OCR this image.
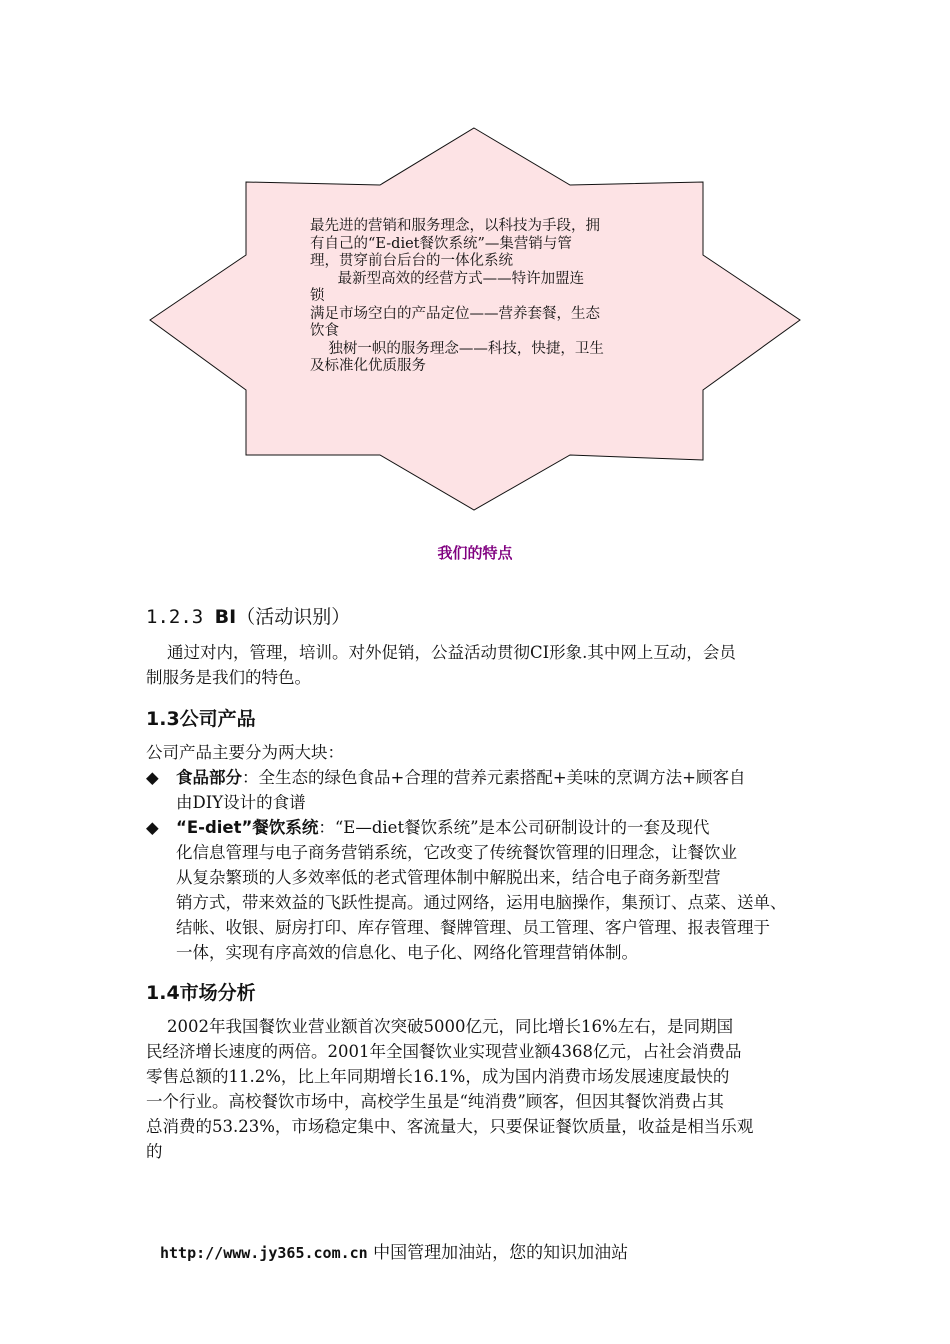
最先进的营销和服务理念，以科技为手段，拥
有自己的“E-diet餐饮系统”—集营销与管
理，贯穿前台后台的一体化系统
最新型高效的经营方式——特许加盟连
锁
满足市场空白的产品定位——营养套餐，生态
饮食
独树一帜的服务理念——科技，快捷，卫生
及标准化优质服务
我们的特点
1.2.3 BI（活动识别）
通过对内，管理，培训。对外促销，公益活动贯彻CI形象.其中网上互动，会员
制服务是我们的特色。
1.3公司产品
公司产品主要分为两大块：
◆ 食品部分：全生态的绿色食品+合理的营养元素搭配+美味的烹调方法+顾客自
由DIY设计的食谱
◆ “E-diet”餐饮系统：“E—diet餐饮系统”是本公司研制设计的一套及现代
化信息管理与电子商务营销系统，它改变了传统餐饮管理的旧理念，让餐饮业
从复杂繁琐的人多效率低的老式管理体制中解脱出来，结合电子商务新型营
销方式，带来效益的飞跃性提高。通过网络，运用电脑操作，集预订、点菜、送单、
结帐、收银、厨房打印、库存管理、餐牌管理、员工管理、客户管理、报表管理于
一体，实现有序高效的信息化、电子化、网络化管理营销体制。
1.4市场分析
2002年我国餐饮业营业额首次突破5000亿元，同比增长16%左右，是同期国
民经济增长速度的两倍。2001年全国餐饮业实现营业额4368亿元，占社会消费品
零售总额的11.2%，比上年同期增长16.1%，成为国内消费市场发展速度最快的
一个行业。高校餐饮市场中，高校学生虽是“纯消费”顾客，但因其餐饮消费占其
总消费的53.23%，市场稳定集中、客流量大，只要保证餐饮质量，收益是相当乐观
的
http://www.jy365.com.cn 中国管理加油站，您的知识加油站
